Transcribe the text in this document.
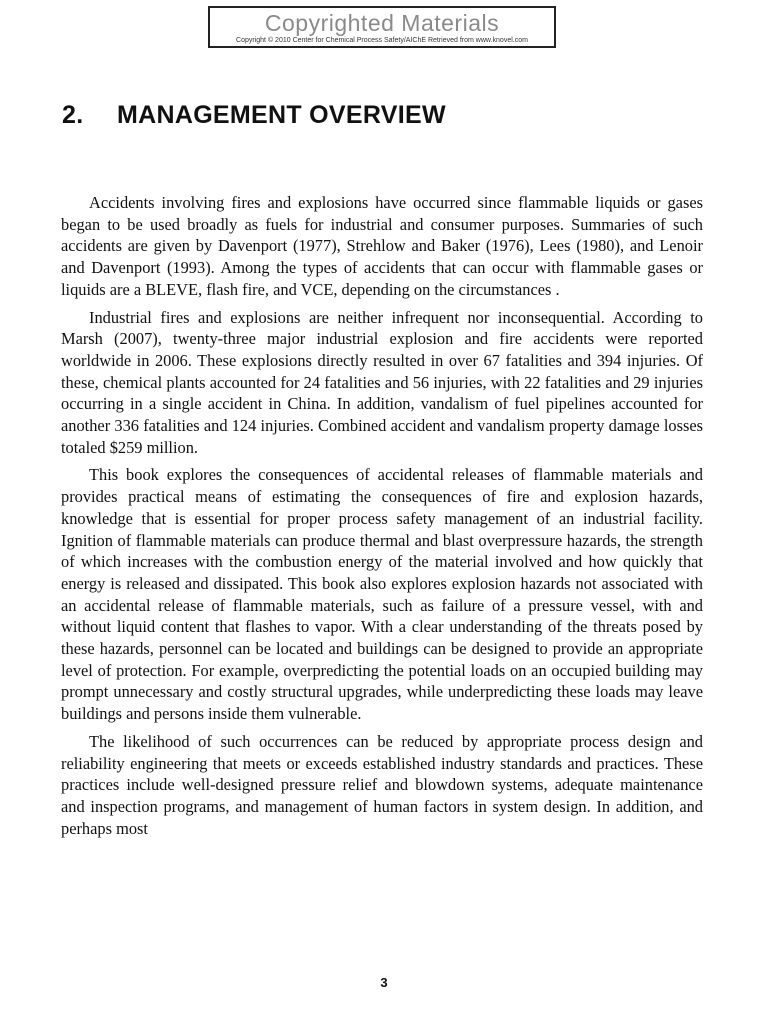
Copyrighted Materials
Copyright © 2010 Center for Chemical Process Safety/AIChE Retrieved from www.knovel.com
2. MANAGEMENT OVERVIEW

Accidents involving fires and explosions have occurred since flammable liquids or gases began to be used broadly as fuels for industrial and consumer purposes. Summaries of such accidents are given by Davenport (1977), Strehlow and Baker (1976), Lees (1980), and Lenoir and Davenport (1993). Among the types of accidents that can occur with flammable gases or liquids are a BLEVE, flash fire, and VCE, depending on the circumstances .

Industrial fires and explosions are neither infrequent nor inconsequential. According to Marsh (2007), twenty-three major industrial explosion and fire accidents were reported worldwide in 2006. These explosions directly resulted in over 67 fatalities and 394 injuries. Of these, chemical plants accounted for 24 fatalities and 56 injuries, with 22 fatalities and 29 injuries occurring in a single accident in China. In addition, vandalism of fuel pipelines accounted for another 336 fatalities and 124 injuries. Combined accident and vandalism property damage losses totaled $259 million.

This book explores the consequences of accidental releases of flammable materials and provides practical means of estimating the consequences of fire and explosion hazards, knowledge that is essential for proper process safety management of an industrial facility. Ignition of flammable materials can produce thermal and blast overpressure hazards, the strength of which increases with the combustion energy of the material involved and how quickly that energy is released and dissipated. This book also explores explosion hazards not associated with an accidental release of flammable materials, such as failure of a pressure vessel, with and without liquid content that flashes to vapor. With a clear understanding of the threats posed by these hazards, personnel can be located and buildings can be designed to provide an appropriate level of protection. For example, overpredicting the potential loads on an occupied building may prompt unnecessary and costly structural upgrades, while underpredicting these loads may leave buildings and persons inside them vulnerable.

The likelihood of such occurrences can be reduced by appropriate process design and reliability engineering that meets or exceeds established industry standards and practices. These practices include well-designed pressure relief and blowdown systems, adequate maintenance and inspection programs, and management of human factors in system design. In addition, and perhaps most

3
